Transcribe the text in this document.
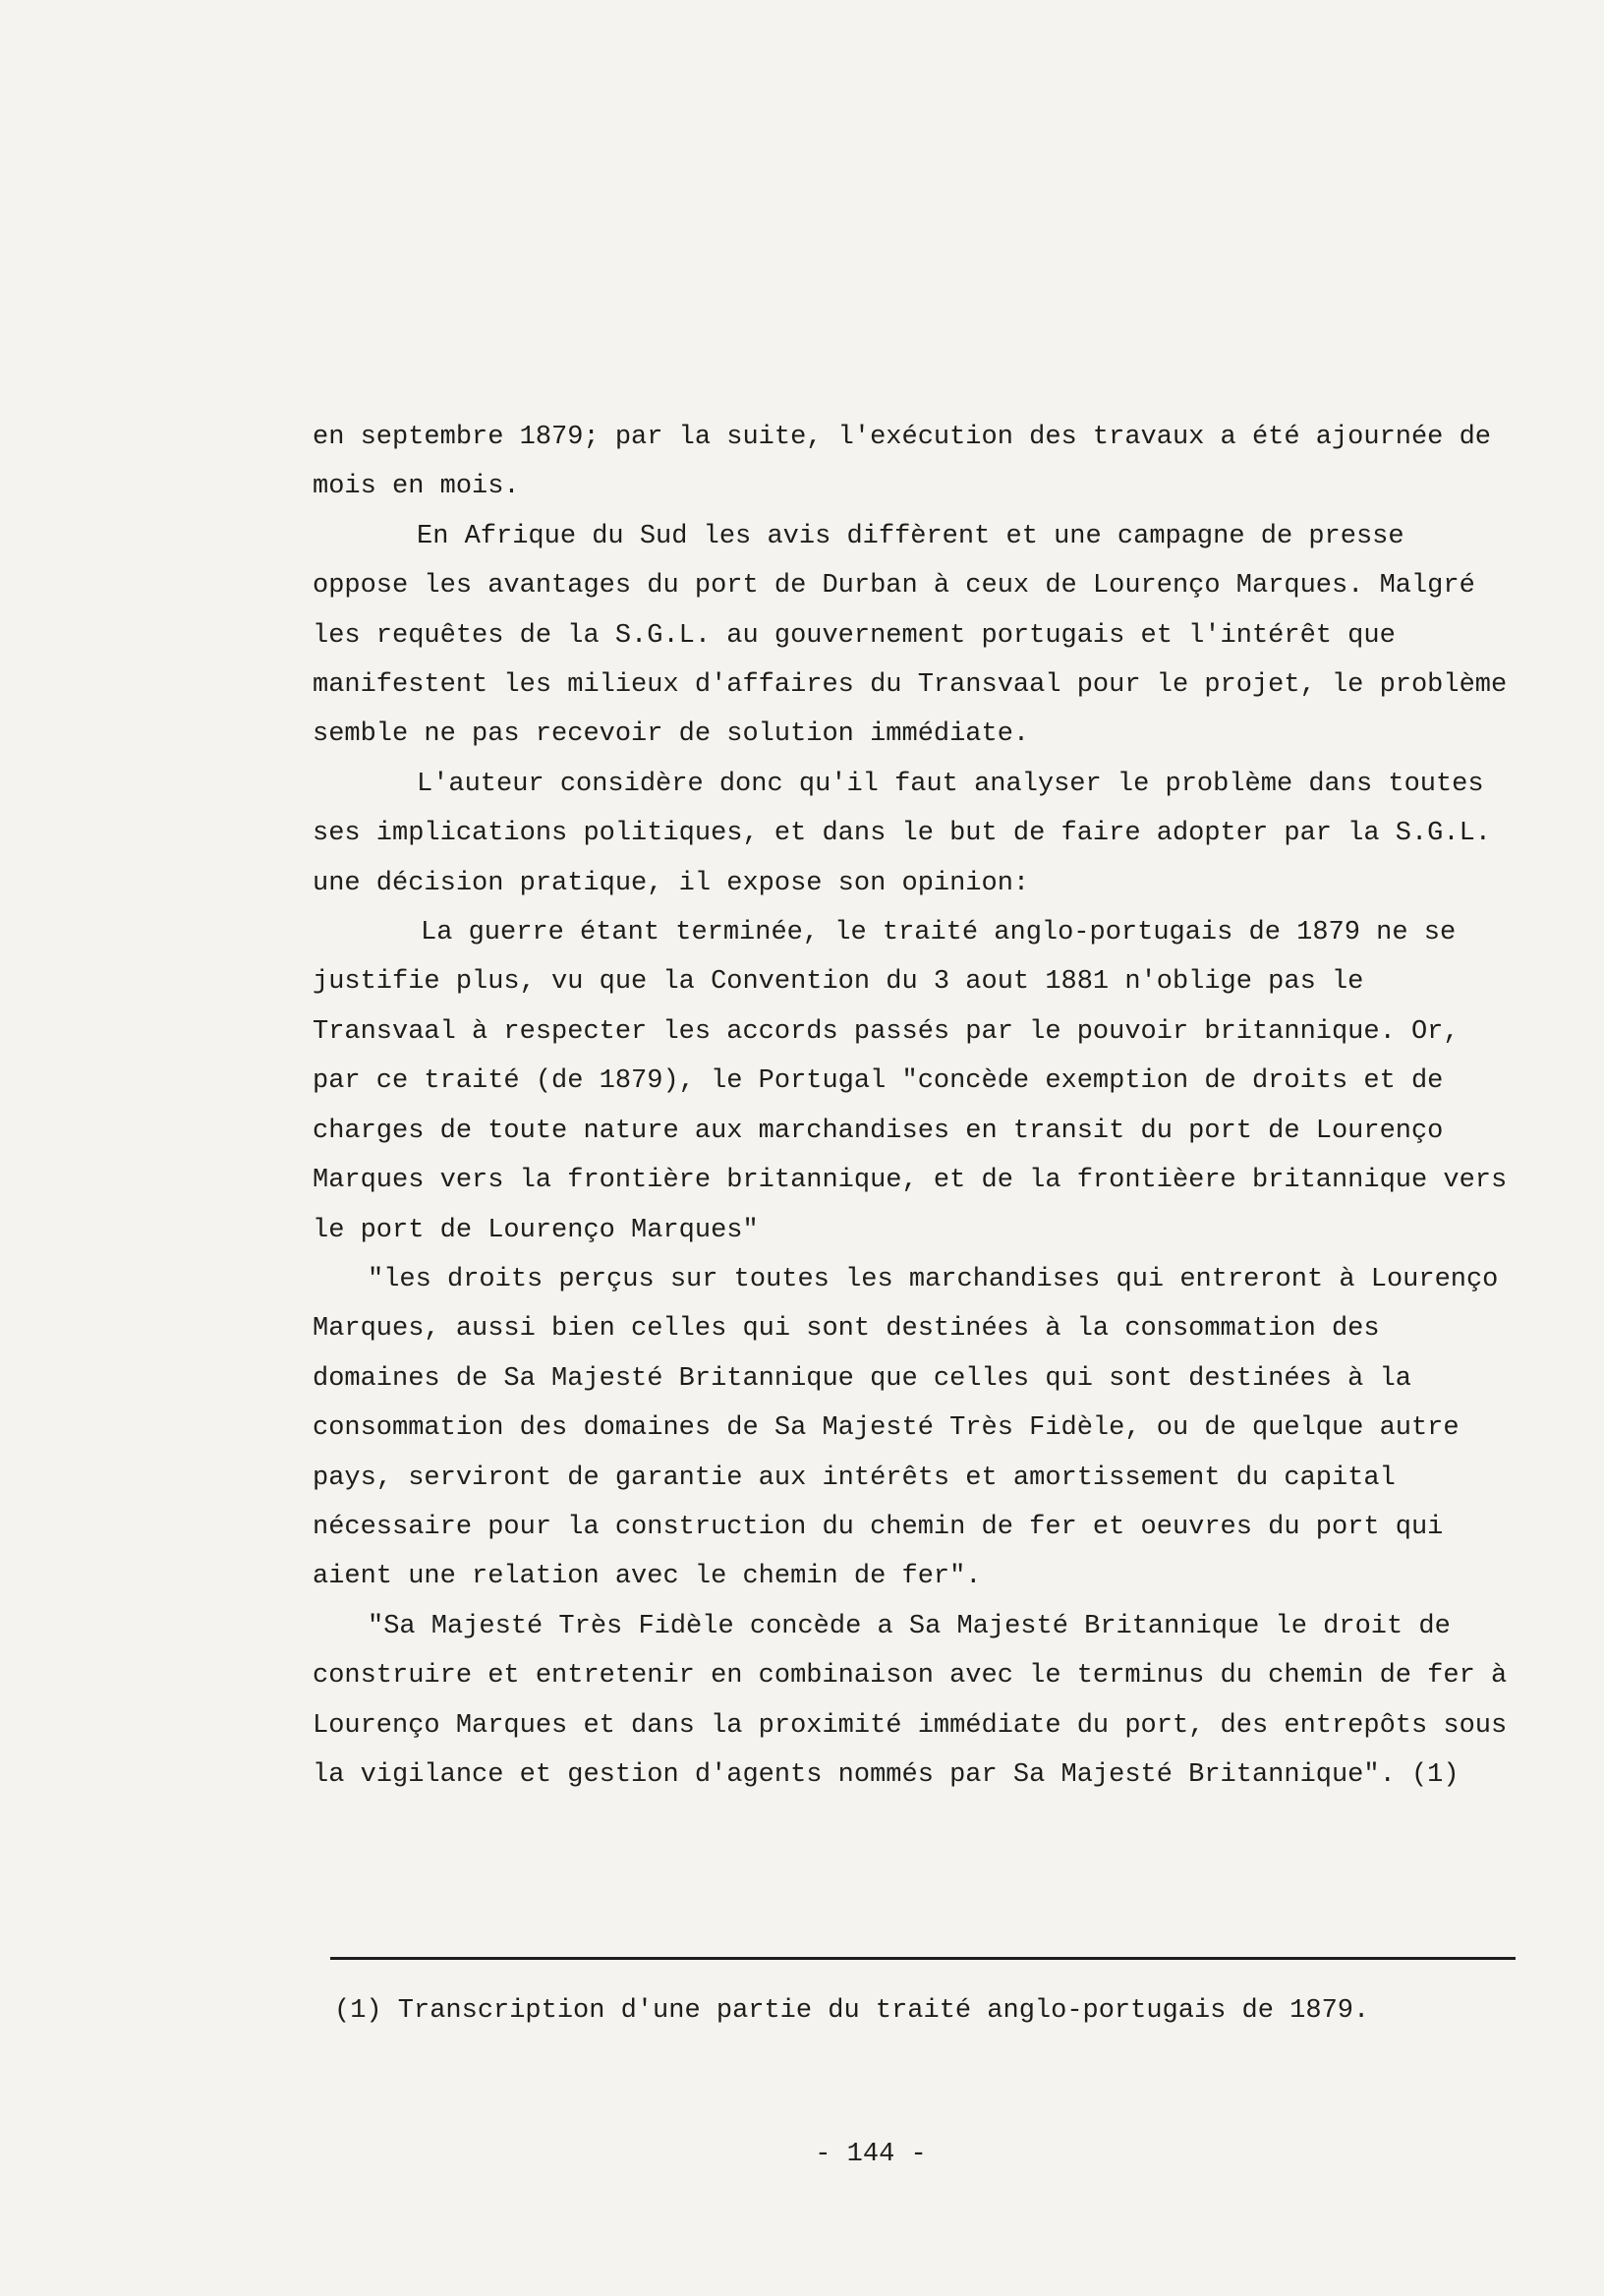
en septembre 1879; par la suite, l'exécution des travaux a été ajournée de mois en mois.

En Afrique du Sud les avis diffèrent et une campagne de presse oppose les avantages du port de Durban à ceux de Lourenço Marques. Malgré les requêtes de la S.G.L. au gouvernement portugais et l'intérêt que manifestent les milieux d'affaires du Transvaal pour le projet, le problème semble ne pas recevoir de solution immédiate.

L'auteur considère donc qu'il faut analyser le problème dans toutes ses implications politiques, et dans le but de faire adopter par la S.G.L. une décision pratique, il expose son opinion:

La guerre étant terminée, le traité anglo-portugais de 1879 ne se justifie plus, vu que la Convention du 3 aout 1881 n'oblige pas le Transvaal à respecter les accords passés par le pouvoir britannique. Or, par ce traité (de 1879), le Portugal "concède exemption de droits et de charges de toute nature aux marchandises en transit du port de Lourenço Marques vers la frontière britannique, et de la frontièere britannique vers le port de Lourenço Marques"

"les droits perçus sur toutes les marchandises qui entreront à Lourenço Marques, aussi bien celles qui sont destinées à la consommation des domaines de Sa Majesté Britannique que celles qui sont destinées à la consommation des domaines de Sa Majesté Très Fidèle, ou de quelque autre pays, serviront de garantie aux intérêts et amortissement du capital nécessaire pour la construction du chemin de fer et oeuvres du port qui aient une relation avec le chemin de fer".

"Sa Majesté Très Fidèle concède a Sa Majesté Britannique le droit de construire et entretenir en combinaison avec le terminus du chemin de fer à Lourenço Marques et dans la proximité immédiate du port, des entrepôts sous la vigilance et gestion d'agents nommés par Sa Majesté Britannique". (1)

(1) Transcription d'une partie du traité anglo-portugais de 1879.
- 144 -
